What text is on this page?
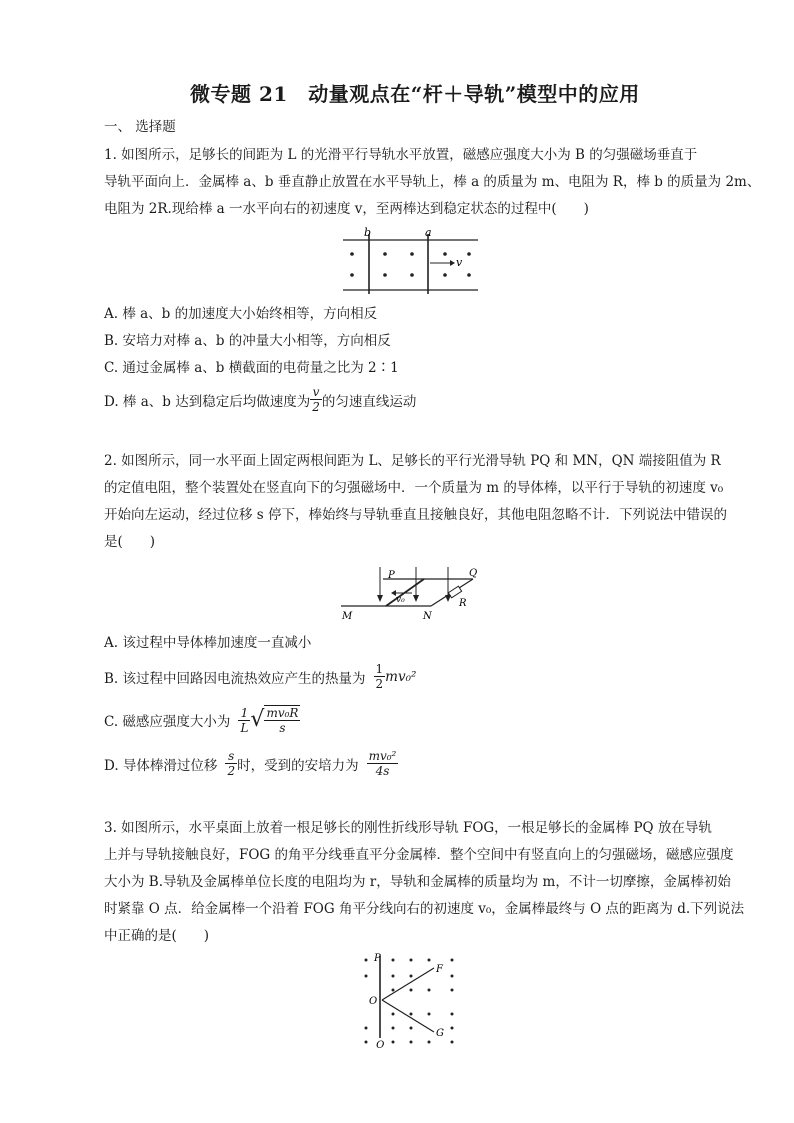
微专题 21　动量观点在“杆＋导轨”模型中的应用
一、 选择题
1. 如图所示，足够长的间距为 L 的光滑平行导轨水平放置，磁感应强度大小为 B 的匀强磁场垂直于
导轨平面向上．金属棒 a、b 垂直静止放置在水平导轨上，棒 a 的质量为 m、电阻为 R，棒 b 的质量为 2m、
电阻为 2R.现给棒 a 一水平向右的初速度 v，至两棒达到稳定状态的过程中(　　)
b	a
v
A. 棒 a、b 的加速度大小始终相等，方向相反
B. 安培力对棒 a、b 的冲量大小相等，方向相反
C. 通过金属棒 a、b 横截面的电荷量之比为 2∶1
D. 棒 a、b 达到稳定后均做速度为 $\frac{v}{2}$ 的匀速直线运动
2. 如图所示，同一水平面上固定两根间距为 L、足够长的平行光滑导轨 PQ 和 MN，QN 端接阻值为 R
的定值电阻，整个装置处在竖直向下的匀强磁场中．一个质量为 m 的导体棒，以平行于导轨的初速度 v₀
开始向左运动，经过位移 s 停下，棒始终与导轨垂直且接触良好，其他电阻忽略不计．下列说法中错误的
是(　　)
P	Q
M	N
R
v₀
A. 该过程中导体棒加速度一直减小
B. 该过程中回路因电流热效应产生的热量为 $\frac{1}{2} mv_0^2$
C. 磁感应强度大小为 $\frac{1}{L}$ √ $\frac{\text{mv₀R}}{s}$
D. 导体棒滑过位移 $\frac{s}{2}$ 时，受到的安培力为 $\frac{\text{mv₀²}}{4s}$
3. 如图所示，水平桌面上放着一根足够长的刚性折线形导轨 FOG，一根足够长的金属棒 PQ 放在导轨
上并与导轨接触良好，FOG 的角平分线垂直平分金属棒．整个空间中有竖直向上的匀强磁场，磁感应强度
大小为 B.导轨及金属棒单位长度的电阻均为 r，导轨和金属棒的质量均为 m，不计一切摩擦，金属棒初始
时紧靠 O 点．给金属棒一个沿着 FOG 角平分线向右的初速度 v₀，金属棒最终与 O 点的距离为 d.下列说法
中正确的是(　　)
P
Q
O
F
G
